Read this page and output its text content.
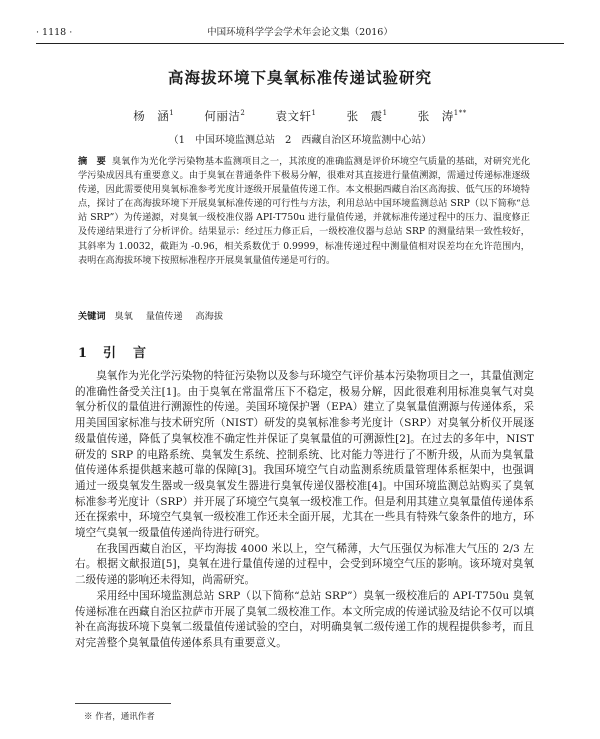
· 1118 ·	中国环境科学学会学术年会论文集（2016）
高海拔环境下臭氧标准传递试验研究
杨　涵$^1$	何丽洁$^2$	袁文轩$^1$	张　震$^1$	张　涛$^{1**}$
（1　中国环境监测总站　2　西藏自治区环境监测中心站）
摘　要 臭氧作为光化学污染物基本监测项目之一，其浓度的准确监测是评价环境空气质量的基础，对研究光化学污染成因具有重要意义。由于臭氧在普通条件下极易分解，很难对其直接进行量值溯源，需通过传递标准逐级传递，因此需要使用臭氧标准参考光度计逐级开展量值传递工作。本文根据西藏自治区高海拔、低气压的环境特点，探讨了在高海拔环境下开展臭氧标准传递的可行性与方法，利用总站中国环境监测总站 SRP（以下简称“总站 SRP”）为传递源，对臭氧一级校准仪器 API-T750u 进行量值传递，并就标准传递过程中的压力、温度修正及传递结果进行了分析评价。结果显示：经过压力修正后，一级校准仪器与总站 SRP 的测量结果一致性较好，其斜率为 1.0032，截距为 -0.96，相关系数优于 0.9999，标准传递过程中测量值相对误差均在允许范围内，表明在高海拔环境下按照标准程序开展臭氧量值传递是可行的。
关键词 臭氧 量值传递 高海拔
1 引　言

臭氧作为光化学污染物的特征污染物以及参与环境空气评价基本污染物项目之一，其量值测定的准确性备受关注[1]。由于臭氧在常温常压下不稳定，极易分解，因此很难利用标准臭氧气对臭氧分析仪的量值进行溯源性的传递。美国环境保护署（EPA）建立了臭氧量值溯源与传递体系，采用美国国家标准与技术研究所（NIST）研发的臭氧标准参考光度计（SRP）对臭氧分析仪开展逐级量值传递，降低了臭氧校准不确定性并保证了臭氧量值的可溯源性[2]。在过去的多年中，NIST 研发的 SRP 的电路系统、臭氧发生系统、控制系统、比对能力等进行了不断升级，从而为臭氧量值传递体系提供越来越可靠的保障[3]。我国环境空气自动监测系统质量管理体系框架中，也强调通过一级臭氧发生器或一级臭氧发生器进行臭氧传递仪器校准[4]。中国环境监测总站购买了臭氧标准参考光度计（SRP）并开展了环境空气臭氧一级校准工作。但是利用其建立臭氧量值传递体系还在探索中，环境空气臭氧一级校准工作还未全面开展，尤其在一些具有特殊气象条件的地方，环境空气臭氧一级量值传递尚待进行研究。

在我国西藏自治区，平均海拔 4000 米以上，空气稀薄，大气压强仅为标准大气压的 2/3 左右。根据文献报道[5]，臭氧在进行量值传递的过程中，会受到环境空气压的影响。该环境对臭氧二级传递的影响还未得知，尚需研究。

采用经中国环境监测总站 SRP（以下简称“总站 SRP”）臭氧一级校准后的 API-T750u 臭氧传递标准在西藏自治区拉萨市开展了臭氧二级校准工作。本文所完成的传递试验及结论不仅可以填补在高海拔环境下臭氧二级量值传递试验的空白，对明确臭氧二级传递工作的规程提供参考，而且对完善整个臭氧量值传递体系具有重要意义。

※ 作者，通讯作者
